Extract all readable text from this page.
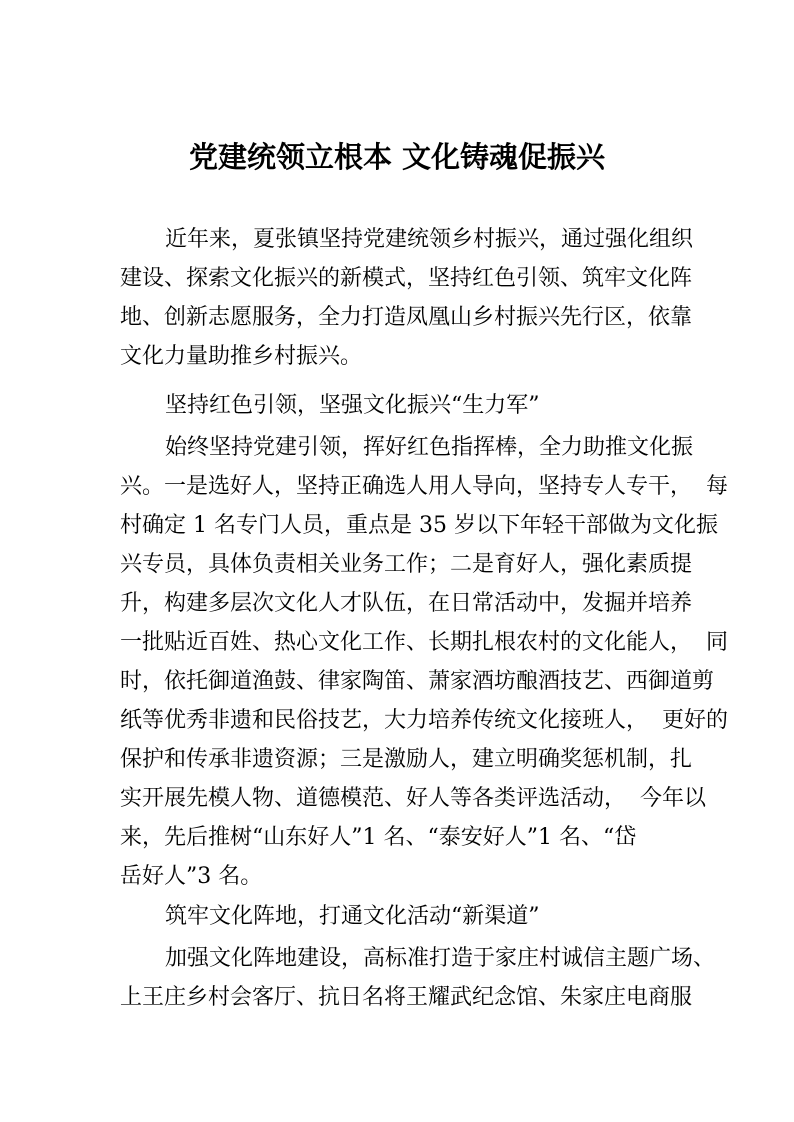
党建统领立根本 文化铸魂促振兴

近年来，夏张镇坚持党建统领乡村振兴，通过强化组织

建设、探索文化振兴的新模式，坚持红色引领、筑牢文化阵

地、创新志愿服务，全力打造凤凰山乡村振兴先行区，依靠

文化力量助推乡村振兴。

坚持红色引领，坚强文化振兴“生力军”

始终坚持党建引领，挥好红色指挥棒，全力助推文化振

兴。一是选好人，坚持正确选人用人导向，坚持专人专干，  每

村确定 1 名专门人员，重点是 35 岁以下年轻干部做为文化振

兴专员，具体负责相关业务工作；二是育好人，强化素质提

升，构建多层次文化人才队伍，在日常活动中，发掘并培养

一批贴近百姓、热心文化工作、长期扎根农村的文化能人，  同

时，依托御道渔鼓、律家陶笛、萧家酒坊酿酒技艺、西御道剪

纸等优秀非遗和民俗技艺，大力培养传统文化接班人，  更好的

保护和传承非遗资源；三是激励人，建立明确奖惩机制，扎

实开展先模人物、道德模范、好人等各类评选活动，  今年以

来，先后推树“山东好人”1 名、“泰安好人”1 名、“岱

岳好人”3 名。

筑牢文化阵地，打通文化活动“新渠道”

加强文化阵地建设，高标准打造于家庄村诚信主题广场、

上王庄乡村会客厅、抗日名将王耀武纪念馆、朱家庄电商服
